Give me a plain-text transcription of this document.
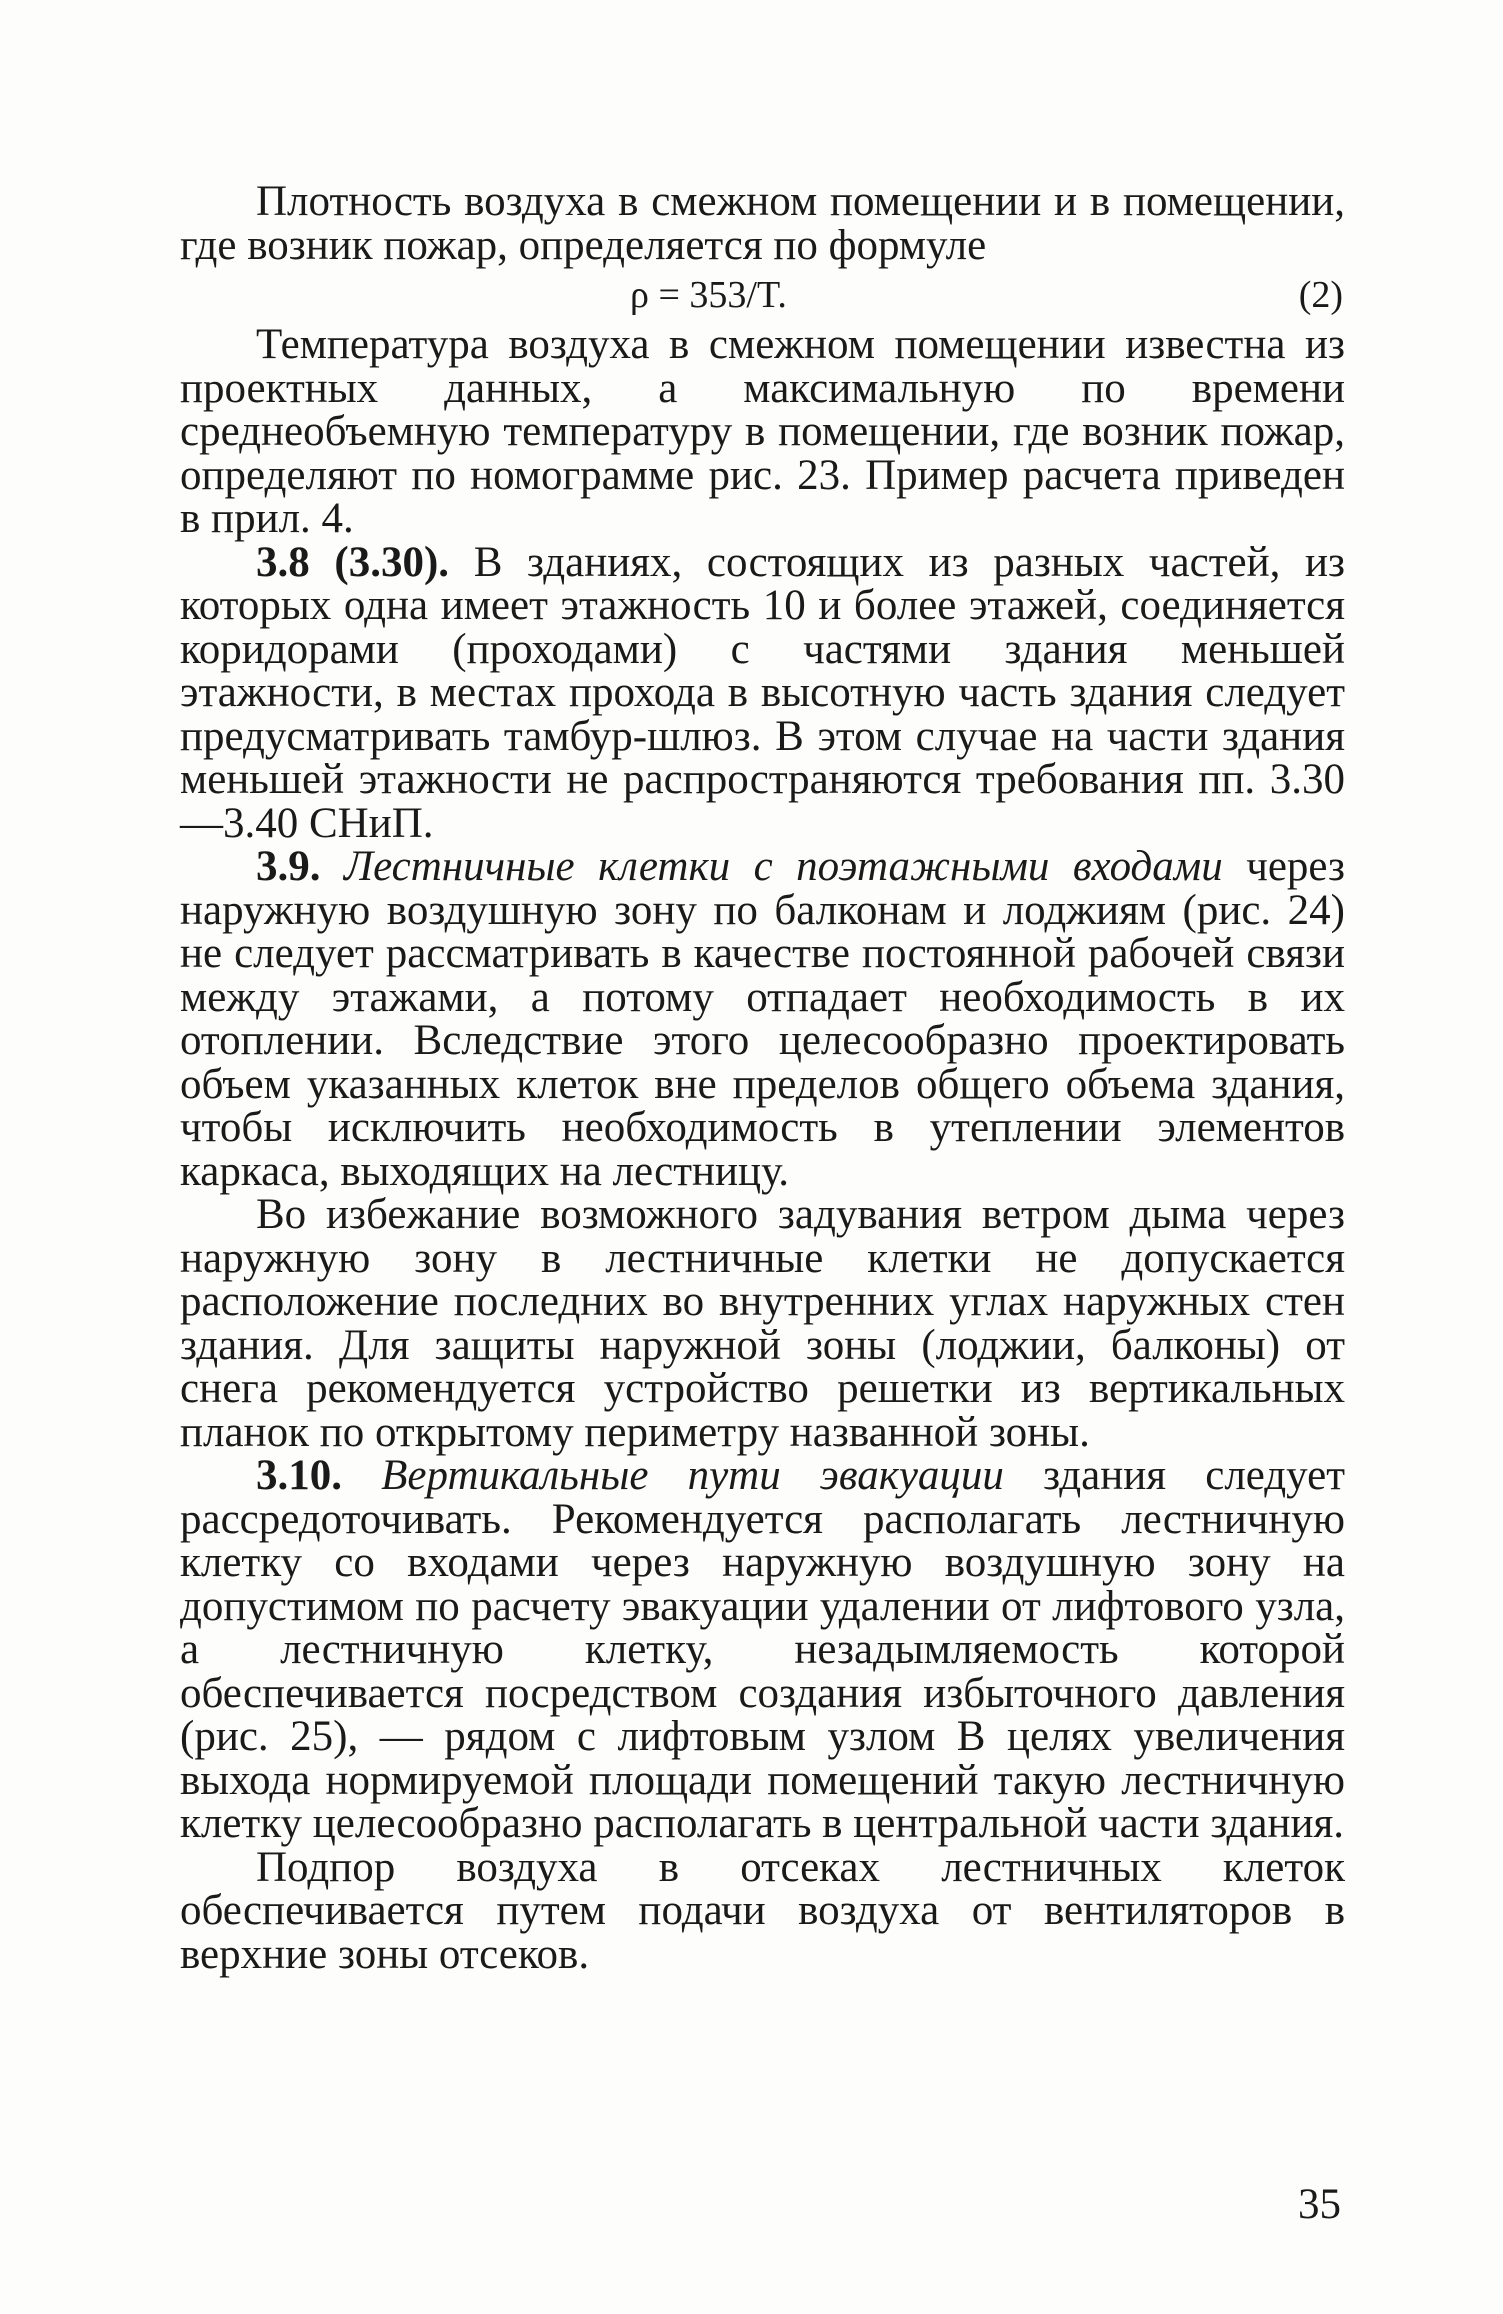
Плотность воздуха в смежном помещении и в помещении, где возник пожар, определяется по формуле

ρ = 353/T.	(2)

Температура воздуха в смежном помещении известна из проектных данных, а максимальную по времени среднеобъемную температуру в помещении, где возник пожар, определяют по номограмме рис. 23. Пример расчета приведен в прил. 4.

3.8 (3.30). В зданиях, состоящих из разных частей, из которых одна имеет этажность 10 и более этажей, соединяется коридорами (проходами) с частями здания меньшей этажности, в местах прохода в высотную часть здания следует предусматривать тамбур-шлюз. В этом случае на части здания меньшей этажности не распространяются требования пп. 3.30—3.40 СНиП.

3.9. Лестничные клетки с поэтажными входами через наружную воздушную зону по балконам и лоджиям (рис. 24) не следует рассматривать в качестве постоянной рабочей связи между этажами, а потому отпадает необходимость в их отоплении. Вследствие этого целесообразно проектировать объем указанных клеток вне пределов общего объема здания, чтобы исключить необходимость в утеплении элементов каркаса, выходящих на лестницу.

Во избежание возможного задувания ветром дыма через наружную зону в лестничные клетки не допускается расположение последних во внутренних углах наружных стен здания. Для защиты наружной зоны (лоджии, балконы) от снега рекомендуется устройство решетки из вертикальных планок по открытому периметру названной зоны.

3.10. Вертикальные пути эвакуации здания следует рассредоточивать. Рекомендуется располагать лестничную клетку со входами через наружную воздушную зону на допустимом по расчету эвакуации удалении от лифтового узла, а лестничную клетку, незадымляемость которой обеспечивается посредством создания избыточного давления (рис. 25), — рядом с лифтовым узлом В целях увеличения выхода нормируемой площади помещений такую лестничную клетку целесообразно располагать в центральной части здания.

Подпор воздуха в отсеках лестничных клеток обеспечивается путем подачи воздуха от вентиляторов в верхние зоны отсеков.

35
